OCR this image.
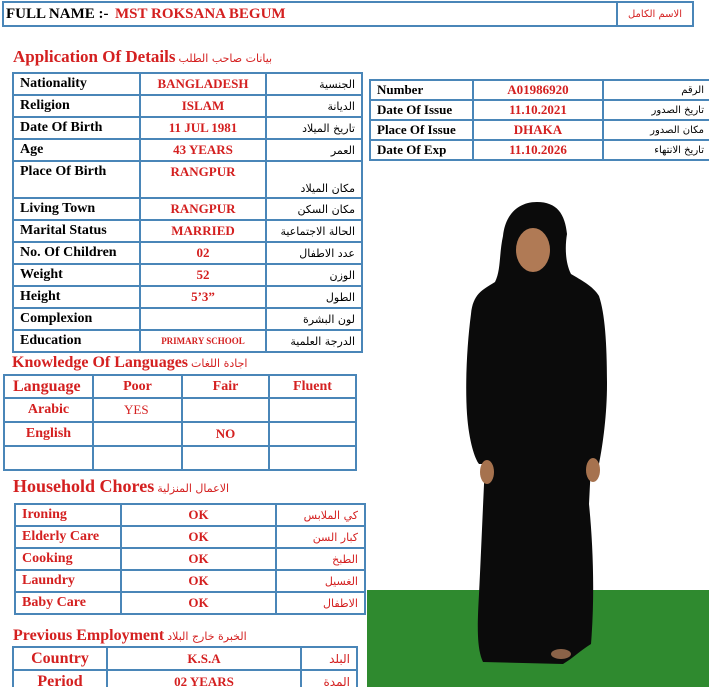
FULL NAME :-	MST ROKSANA BEGUM	الاسم الكامل
Application Of Details بيانات صاحب الطلب
Nationality	BANGLADESH	الجنسية
Religion	ISLAM	الديانة
Date Of Birth	11 JUL 1981	تاريخ الميلاد
Age	43 YEARS	العمر
Place Of Birth	RANGPUR	مكان الميلاد
Living Town	RANGPUR	مكان السكن
Marital Status	MARRIED	الحالة الاجتماعية
No. Of Children	02	عدد الاطفال
Weight	52	الوزن
Height	5’3”	الطول
Complexion		لون البشرة
Education	PRIMARY SCHOOL	الدرجة العلمية
Number	A01986920	الرقم
Date Of Issue	11.10.2021	تاريخ الصدور
Place Of Issue	DHAKA	مكان الصدور
Date Of Exp	11.10.2026	تاريخ الانتهاء
Knowledge Of Languages اجادة اللغات
Language	Poor	Fair	Fluent
Arabic	YES		
English		NO	

Household Chores الاعمال المنزلية
Ironing	OK	كي الملابس
Elderly Care	OK	كبار السن
Cooking	OK	الطبخ
Laundry	OK	الغسيل
Baby Care	OK	الاطفال
Previous Employment الخبرة خارج البلاد
Country	K.S.A	البلد
Period	02 YEARS	المدة
